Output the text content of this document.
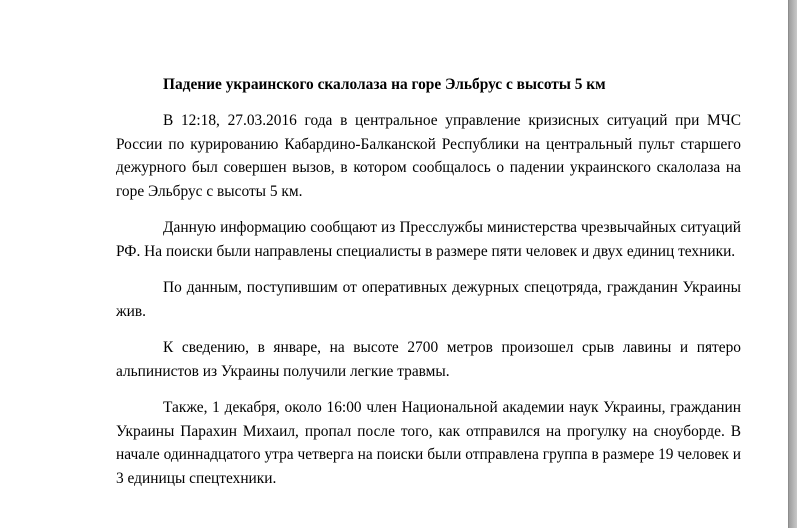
Падение украинского скалолаза на горе Эльбрус с высоты 5 км

В 12:18, 27.03.2016 года в центральное управление кризисных ситуаций при МЧС России по курированию Кабардино-Балканской Республики на центральный пульт старшего дежурного был совершен вызов, в котором сообщалось о падении украинского скалолаза на горе Эльбрус с высоты 5 км.

Данную информацию сообщают из Пресслужбы министерства чрезвычайных ситуаций РФ. На поиски были направлены специалисты в размере пяти человек и двух единиц техники.

По данным, поступившим от оперативных дежурных спецотряда, гражданин Украины жив.

К сведению, в январе, на высоте 2700 метров произошел срыв лавины и пятеро альпинистов из Украины получили легкие травмы.

Также, 1 декабря, около 16:00 член Национальной академии наук Украины, гражданин Украины Парахин Михаил, пропал после того, как отправился на прогулку на сноуборде. В начале одиннадцатого утра четверга на поиски были отправлена группа в размере 19 человек и 3 единицы спецтехники.
